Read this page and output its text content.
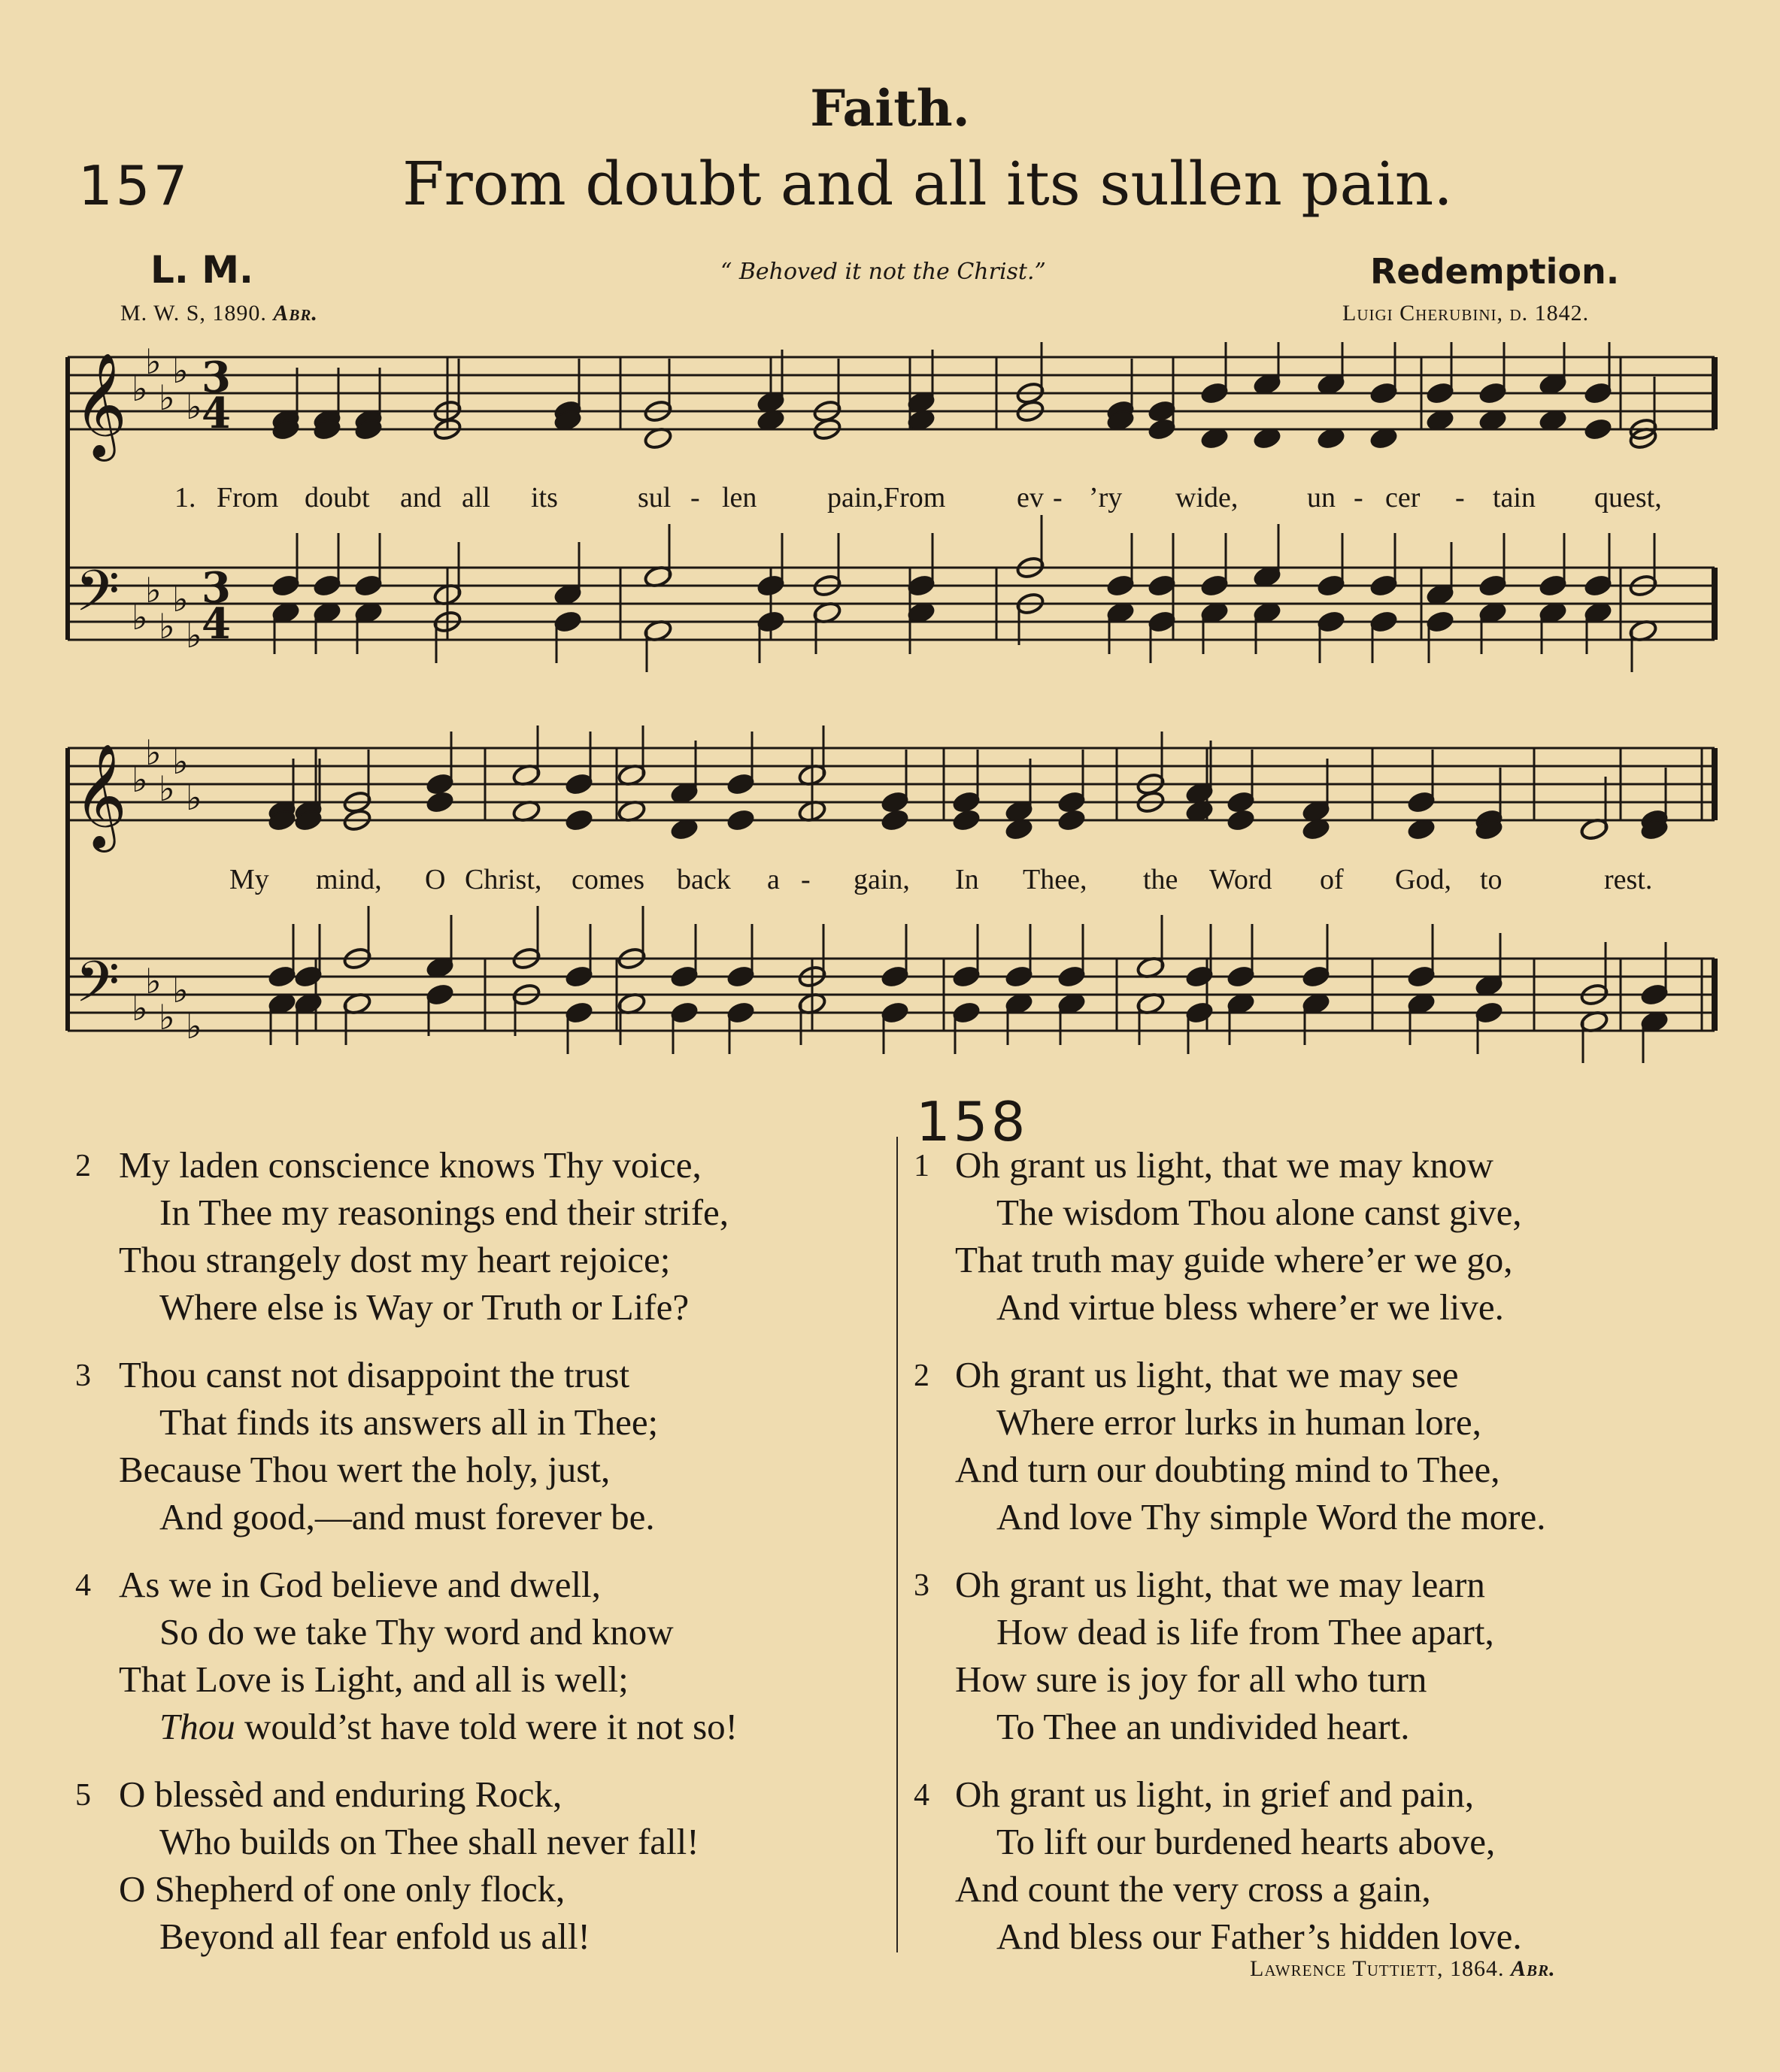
Faith.
157	From doubt and all its sullen pain.
L. M.	“ Behoved it not the Christ.”	Redemption.
M. W. S, 1890. Abr.	Luigi Cherubini, d. 1842.
𝄞
𝄢
♭
♭
♭
♭
♭
♭
♭
♭
♭
♭
3
4
3
4
𝄞
𝄢
♭
♭
♭
♭
♭
♭
♭
♭
♭
♭
1. From doubt and all its	sul - len pain, From ev - ’ry wide, un - cer - tain quest,
My mind, O Christ, comes back a - gain, In Thee, the Word of God, to	rest.
158
2 My laden conscience knows Thy voice,
In Thee my reasonings end their strife,
Thou strangely dost my heart rejoice;
Where else is Way or Truth or Life?
3 Thou canst not disappoint the trust
That finds its answers all in Thee;
Because Thou wert the holy, just,
And good,—and must forever be.
4 As we in God believe and dwell,
So do we take Thy word and know
That Love is Light, and all is well;
Thou would’st have told were it not so!
5 O blessèd and enduring Rock,
Who builds on Thee shall never fall!
O Shepherd of one only flock,
Beyond all fear enfold us all!
1 Oh grant us light, that we may know
The wisdom Thou alone canst give,
That truth may guide where’er we go,
And virtue bless where’er we live.
2 Oh grant us light, that we may see
Where error lurks in human lore,
And turn our doubting mind to Thee,
And love Thy simple Word the more.
3 Oh grant us light, that we may learn
How dead is life from Thee apart,
How sure is joy for all who turn
To Thee an undivided heart.
4 Oh grant us light, in grief and pain,
To lift our burdened hearts above,
And count the very cross a gain,
And bless our Father’s hidden love.
Lawrence Tuttiett, 1864. Abr.
